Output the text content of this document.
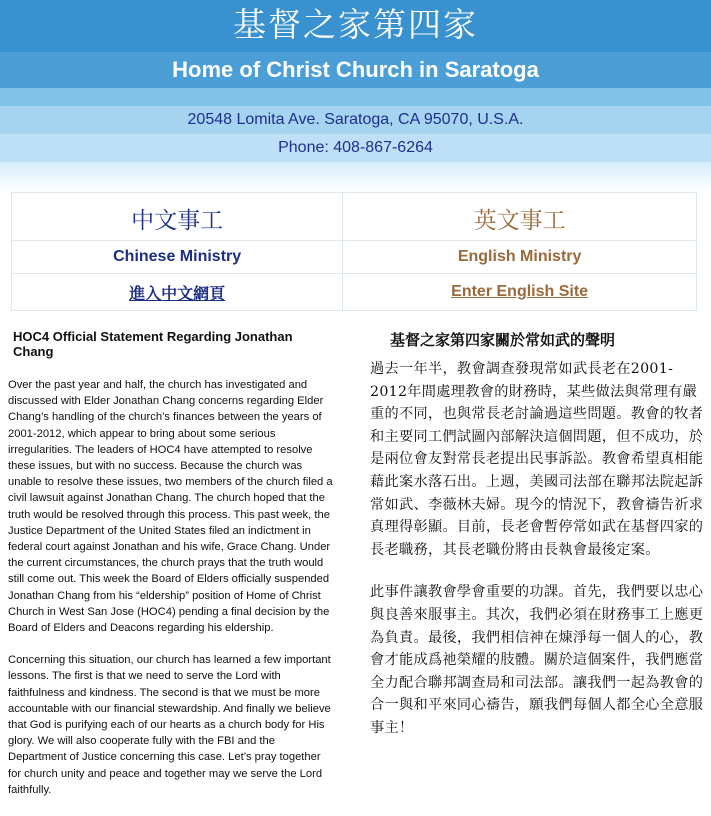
基督之家第四家
Home of Christ Church in Saratoga
20548 Lomita Ave. Saratoga, CA 95070, U.S.A.
Phone: 408-867-6264
中文事工	英文事工
Chinese Ministry	English Ministry
進入中文網頁	Enter English Site
HOC4 Official Statement Regarding Jonathan Chang

Over the past year and half, the church has investigated and discussed with Elder Jonathan Chang concerns regarding Elder Chang’s handling of the church’s finances between the years of 2001-2012, which appear to bring about some serious irregularities. The leaders of HOC4 have attempted to resolve these issues, but with no success. Because the church was unable to resolve these issues, two members of the church filed a civil lawsuit against Jonathan Chang. The church hoped that the truth would be resolved through this process. This past week, the Justice Department of the United States filed an indictment in federal court against Jonathan and his wife, Grace Chang. Under the current circumstances, the church prays that the truth would still come out. This week the Board of Elders officially suspended Jonathan Chang from his “eldership” position of Home of Christ Church in West San Jose (HOC4) pending a final decision by the Board of Elders and Deacons regarding his eldership.

Concerning this situation, our church has learned a few important lessons. The first is that we need to serve the Lord with faithfulness and kindness. The second is that we must be more accountable with our financial stewardship. And finally we believe that God is purifying each of our hearts as a church body for His glory. We will also cooperate fully with the FBI and the Department of Justice concerning this case. Let’s pray together for church unity and peace and together may we serve the Lord faithfully.

基督之家第四家關於常如武的聲明

過去一年半，教會調查發現常如武長老在2001-2012年間處理教會的財務時，某些做法與常理有嚴重的不同，也與常長老討論過這些問題。教會的牧者和主要同工們試圖內部解決這個問題，但不成功，於是兩位會友對常長老提出民事訴訟。教會希望真相能藉此案水落石出。上週，美國司法部在聯邦法院起訴常如武、李薇林夫婦。現今的情況下，教會禱告祈求真理得彰顯。目前，長老會暫停常如武在基督四家的長老職務，其長老職份將由長執會最後定案。

此事件讓教會學會重要的功課。首先，我們要以忠心與良善來服事主。其次，我們必須在財務事工上應更為負責。最後，我們相信神在煉淨每一個人的心，教會才能成爲祂榮耀的肢體。關於這個案件，我們應當全力配合聯邦調查局和司法部。讓我們一起為教會的合一與和平來同心禱告，願我們每個人都全心全意服事主！
